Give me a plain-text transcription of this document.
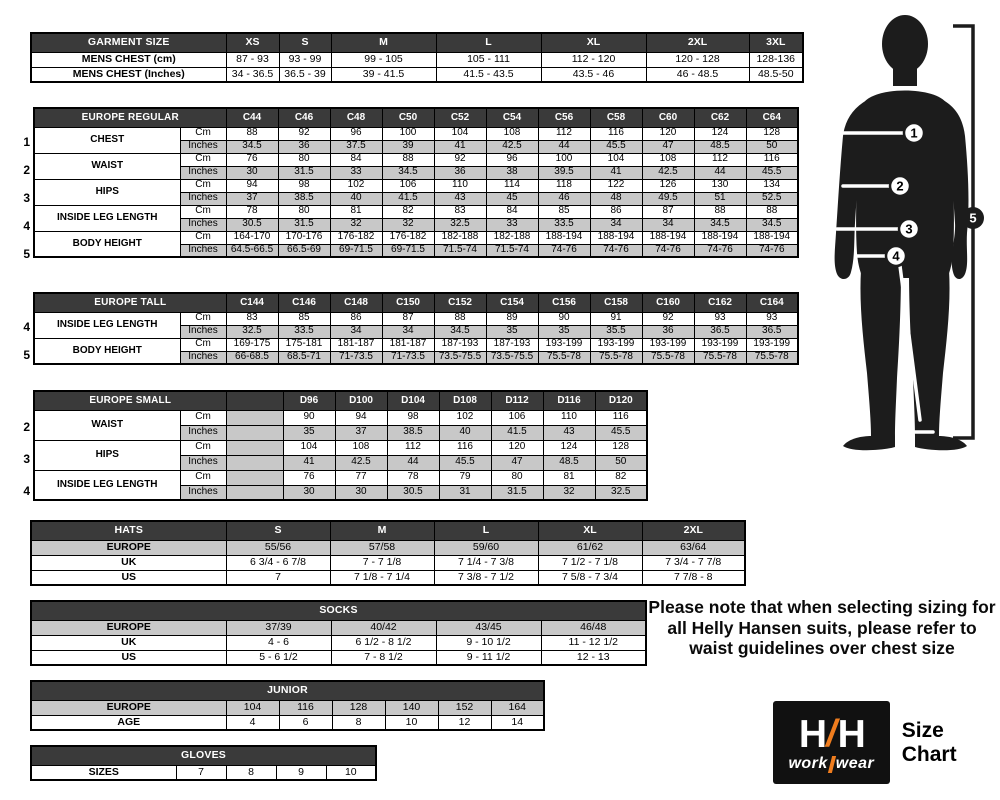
GARMENT SIZE	XS	S	M	L	XL	2XL	3XL
MENS CHEST (cm)	87 - 93	93 - 99	99 - 105	105 - 111	112 - 120	120 - 128	128-136
MENS CHEST (Inches)	34 - 36.5	36.5 - 39	39 - 41.5	41.5 - 43.5	43.5 - 46	46 - 48.5	48.5-50
1
2
3
4
5
EUROPE REGULAR		C44	C46	C48	C50	C52	C54	C56	C58	C60	C62	C64
CHEST	Cm	88	92	96	100	104	108	112	116	120	124	128
	Inches	34.5	36	37.5	39	41	42.5	44	45.5	47	48.5	50
WAIST	Cm	76	80	84	88	92	96	100	104	108	112	116
	Inches	30	31.5	33	34.5	36	38	39.5	41	42.5	44	45.5
HIPS	Cm	94	98	102	106	110	114	118	122	126	130	134
	Inches	37	38.5	40	41.5	43	45	46	48	49.5	51	52.5
INSIDE LEG LENGTH	Cm	78	80	81	82	83	84	85	86	87	88	88
	Inches	30.5	31.5	32	32	32.5	33	33.5	34	34	34.5	34.5
BODY HEIGHT	Cm	164-170	170-176	176-182	176-182	182-188	182-188	188-194	188-194	188-194	188-194	188-194
	Inches	64.5-66.5	66.5-69	69-71.5	69-71.5	71.5-74	71.5-74	74-76	74-76	74-76	74-76	74-76
4
5
EUROPE TALL		C144	C146	C148	C150	C152	C154	C156	C158	C160	C162	C164
INSIDE LEG LENGTH	Cm	83	85	86	87	88	89	90	91	92	93	93
	Inches	32.5	33.5	34	34	34.5	35	35	35.5	36	36.5	36.5
BODY HEIGHT	Cm	169-175	175-181	181-187	181-187	187-193	187-193	193-199	193-199	193-199	193-199	193-199
	Inches	66-68.5	68.5-71	71-73.5	71-73.5	73.5-75.5	73.5-75.5	75.5-78	75.5-78	75.5-78	75.5-78	75.5-78
2
3
4
EUROPE SMALL			D96	D100	D104	D108	D112	D116	D120
WAIST	Cm		90	94	98	102	106	110	116
	Inches		35	37	38.5	40	41.5	43	45.5
HIPS	Cm		104	108	112	116	120	124	128
	Inches		41	42.5	44	45.5	47	48.5	50
INSIDE LEG LENGTH	Cm		76	77	78	79	80	81	82
	Inches		30	30	30.5	31	31.5	32	32.5
HATS	S	M	L	XL	2XL
EUROPE	55/56	57/58	59/60	61/62	63/64
UK	6 3/4 - 6 7/8	7 - 7 1/8	7 1/4 - 7 3/8	7 1/2 - 7 1/8	7 3/4 - 7 7/8
US	7	7 1/8 - 7 1/4	7 3/8 - 7 1/2	7 5/8 - 7 3/4	7 7/8 - 8
SOCKS				
EUROPE	37/39	40/42	43/45	46/48
UK	4 - 6	6 1/2 - 8 1/2	9 - 10 1/2	11 - 12 1/2
US	5 - 6 1/2	7 - 8 1/2	9 - 11 1/2	12 - 13
JUNIOR						
EUROPE	104	116	128	140	152	164
AGE	4	6	8	10	12	14
GLOVES
SIZES	7	8	9	10
Please note that when selecting sizing for all Helly Hansen suits, please refer to waist guidelines over chest size
1
2
3
4
5
H / H
work wear
Size Chart
